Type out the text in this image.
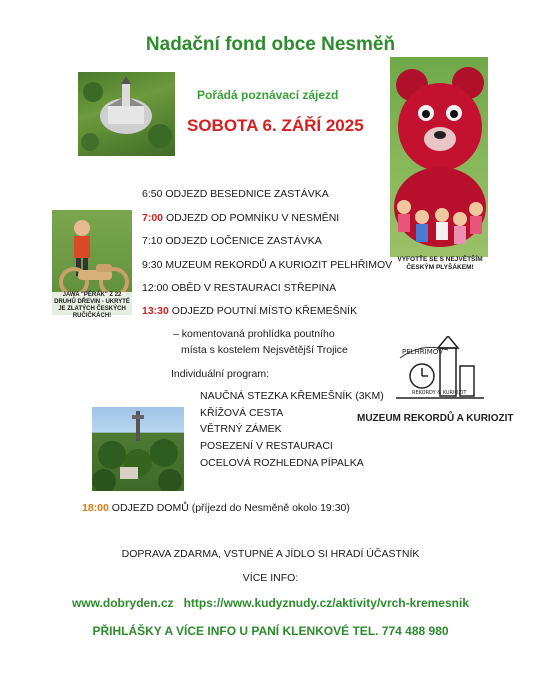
Nadační fond obce Nesměň
Pořádá poznávací zájezd
SOBOTA 6. ZÁŘÍ 2025
VYFOTŤE SE S NEJVĚTŠÍM ČESKÝM PLYŠÁKEM!
JAWA "PÉRÁK" Z 22 DRUHŮ DŘEVIN - UKRYTÉ JE ZLATÝCH ČESKÝCH RUČIČKÁCH!
6:50 ODJEZD BESEDNICE ZASTÁVKA
7:00 ODJEZD OD POMNÍKU V NESMĚNI
7:10 ODJEZD LOČENICE ZASTÁVKA
9:30 MUZEUM REKORDŮ A KURIOZIT PELHŘIMOV
12:00 OBĚD V RESTAURACI STŘEPINA
13:30 ODJEZD POUTNÍ MÍSTO KŘEMEŠNÍK
– komentovaná prohlídka poutního
místa s kostelem Nejsvětější Trojice
Individuální program:
NAUČNÁ STEZKA KŘEMEŠNÍK (3KM)
KŘÍŽOVÁ CESTA
VĚTRNÝ ZÁMEK
POSEZENÍ V RESTAURACI
OCELOVÁ ROZHLEDNA PÍPALKA
PELHŘIMOV
REKORDY & KURIOZIT
MUZEUM REKORDŮ A KURIOZIT
18:00 ODJEZD DOMŮ (příjezd do Nesměně okolo 19:30)
DOPRAVA ZDARMA, VSTUPNÉ A JÍDLO SI HRADÍ ÚČASTNÍK
VÍCE INFO:
www.dobryden.cz https://www.kudyznudy.cz/aktivity/vrch-kremesnik
PŘIHLÁŠKY A VÍCE INFO U PANÍ KLENKOVÉ TEL. 774 488 980
